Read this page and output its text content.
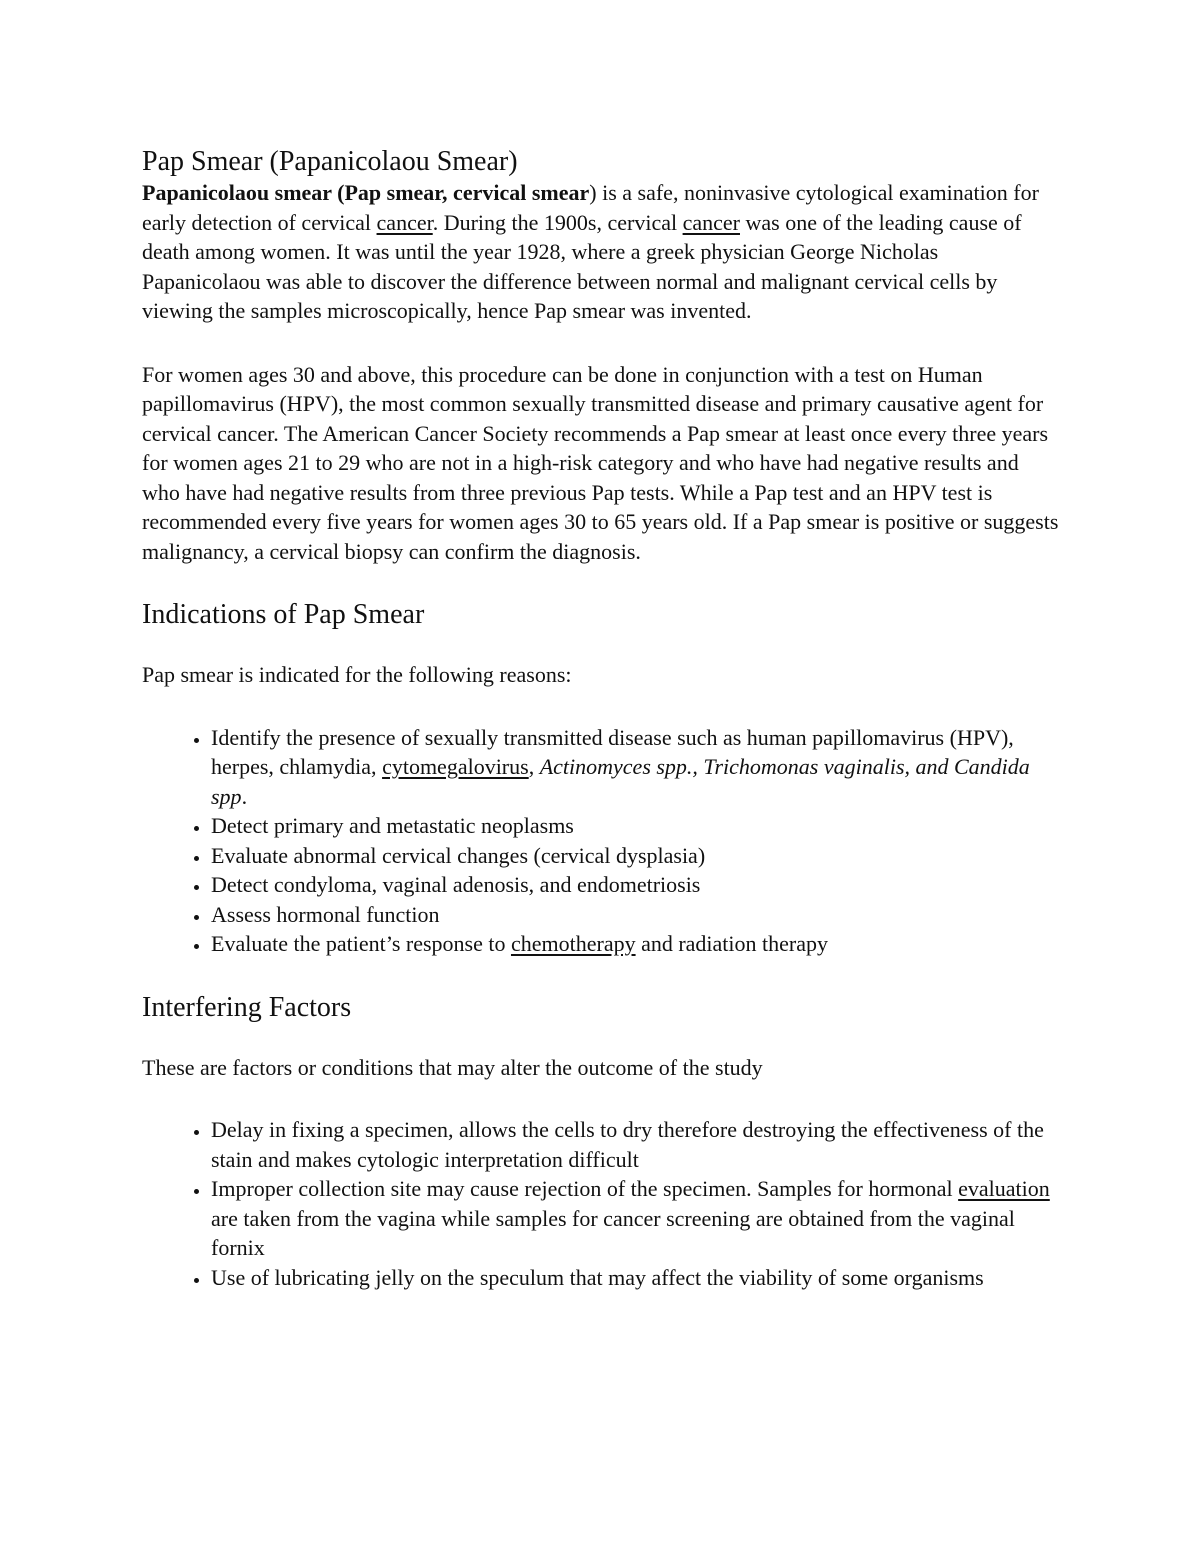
Pap Smear (Papanicolaou Smear)

Papanicolaou smear (Pap smear, cervical smear) is a safe, noninvasive cytological examination for early detection of cervical cancer. During the 1900s, cervical cancer was one of the leading cause of death among women. It was until the year 1928, where a greek physician George Nicholas Papanicolaou was able to discover the difference between normal and malignant cervical cells by viewing the samples microscopically, hence Pap smear was invented.

For women ages 30 and above, this procedure can be done in conjunction with a test on Human papillomavirus (HPV), the most common sexually transmitted disease and primary causative agent for cervical cancer. The American Cancer Society recommends a Pap smear at least once every three years for women ages 21 to 29 who are not in a high-risk category and who have had negative results and who have had negative results from three previous Pap tests. While a Pap test and an HPV test is recommended every five years for women ages 30 to 65 years old. If a Pap smear is positive or suggests malignancy, a cervical biopsy can confirm the diagnosis.

Indications of Pap Smear

Pap smear is indicated for the following reasons:

• Identify the presence of sexually transmitted disease such as human papillomavirus (HPV), herpes, chlamydia, cytomegalovirus, Actinomyces spp., Trichomonas vaginalis, and Candida spp.
• Detect primary and metastatic neoplasms
• Evaluate abnormal cervical changes (cervical dysplasia)
• Detect condyloma, vaginal adenosis, and endometriosis
• Assess hormonal function
• Evaluate the patient’s response to chemotherapy and radiation therapy
Interfering Factors

These are factors or conditions that may alter the outcome of the study

• Delay in fixing a specimen, allows the cells to dry therefore destroying the effectiveness of the stain and makes cytologic interpretation difficult
• Improper collection site may cause rejection of the specimen. Samples for hormonal evaluation are taken from the vagina while samples for cancer screening are obtained from the vaginal fornix
• Use of lubricating jelly on the speculum that may affect the viability of some organisms
